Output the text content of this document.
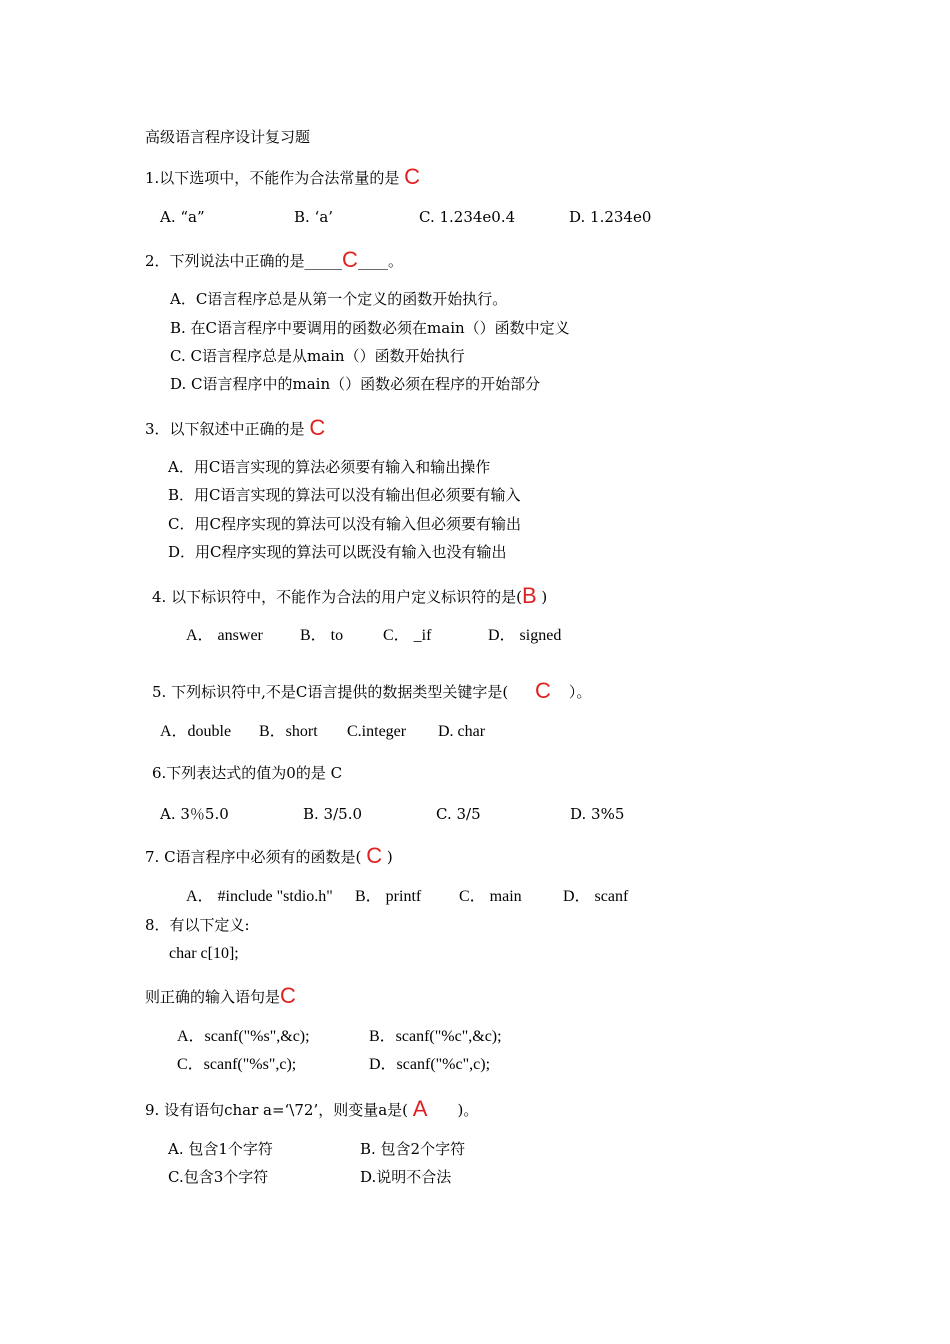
高级语言程序设计复习题
1.以下选项中，不能作为合法常量的是 C
A. “a”	B. ‘a’	C. 1.234e0.4	D. 1.234e0
2．下列说法中正确的是_____C____。
A．C语言程序总是从第一个定义的函数开始执行。
B. 在C语言程序中要调用的函数必须在main（）函数中定义
C. C语言程序总是从main（）函数开始执行
D. C语言程序中的main（）函数必须在程序的开始部分
3．以下叙述中正确的是 C
A．用C语言实现的算法必须要有输入和输出操作
B．用C语言实现的算法可以没有输出但必须要有输入
C．用C程序实现的算法可以没有输入但必须要有输出
D．用C程序实现的算法可以既没有输入也没有输出
4. 以下标识符中，不能作为合法的用户定义标识符的是(B )
A． answer B． to C． _if	D． signed
5. 下列标识符中,不是C语言提供的数据类型关键字是( C ）。
A．double B．short C.integer D. char
6.下列表达式的值为0的是 C
A. 3％5.0	B. 3/5.0	C. 3/5	D. 3%5
7. C语言程序中必须有的函数是( C )
A． #include "stdio.h" B． printf C． main	D． scanf
8．有以下定义:
char c[10];
则正确的输入语句是C
A．scanf("%s",&c);	B．scanf("%c",&c);
C．scanf("%s",c);	D．scanf("%c",c);
9. 设有语句char a=‘\72’，则变量a是( A )。
A. 包含1个字符	B. 包含2个字符
C.包含3个字符	D.说明不合法
